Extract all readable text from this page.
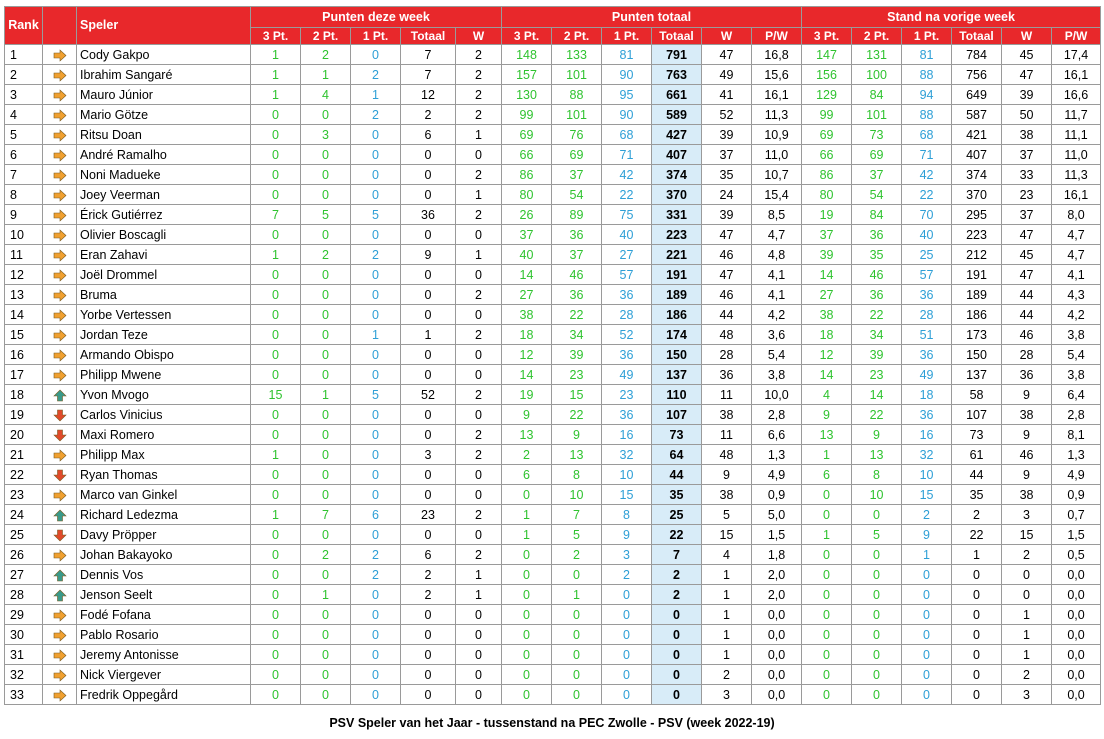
Rank		Speler	Punten deze week					Punten totaal						Stand na vorige week					
			3 Pt.	2 Pt.	1 Pt.	Totaal	W	3 Pt.	2 Pt.	1 Pt.	Totaal	W	P/W	3 Pt.	2 Pt.	1 Pt.	Totaal	W	P/W
1		Cody Gakpo	1	2	0	7	2	148	133	81	791	47	16,8	147	131	81	784	45	17,4
2		Ibrahim Sangaré	1	1	2	7	2	157	101	90	763	49	15,6	156	100	88	756	47	16,1
3		Mauro Júnior	1	4	1	12	2	130	88	95	661	41	16,1	129	84	94	649	39	16,6
4		Mario Götze	0	0	2	2	2	99	101	90	589	52	11,3	99	101	88	587	50	11,7
5		Ritsu Doan	0	3	0	6	1	69	76	68	427	39	10,9	69	73	68	421	38	11,1
6		André Ramalho	0	0	0	0	0	66	69	71	407	37	11,0	66	69	71	407	37	11,0
7		Noni Madueke	0	0	0	0	2	86	37	42	374	35	10,7	86	37	42	374	33	11,3
8		Joey Veerman	0	0	0	0	1	80	54	22	370	24	15,4	80	54	22	370	23	16,1
9		Érick Gutiérrez	7	5	5	36	2	26	89	75	331	39	8,5	19	84	70	295	37	8,0
10		Olivier Boscagli	0	0	0	0	0	37	36	40	223	47	4,7	37	36	40	223	47	4,7
11		Eran Zahavi	1	2	2	9	1	40	37	27	221	46	4,8	39	35	25	212	45	4,7
12		Joël Drommel	0	0	0	0	0	14	46	57	191	47	4,1	14	46	57	191	47	4,1
13		Bruma	0	0	0	0	2	27	36	36	189	46	4,1	27	36	36	189	44	4,3
14		Yorbe Vertessen	0	0	0	0	0	38	22	28	186	44	4,2	38	22	28	186	44	4,2
15		Jordan Teze	0	0	1	1	2	18	34	52	174	48	3,6	18	34	51	173	46	3,8
16		Armando Obispo	0	0	0	0	0	12	39	36	150	28	5,4	12	39	36	150	28	5,4
17		Philipp Mwene	0	0	0	0	0	14	23	49	137	36	3,8	14	23	49	137	36	3,8
18		Yvon Mvogo	15	1	5	52	2	19	15	23	110	11	10,0	4	14	18	58	9	6,4
19		Carlos Vinicius	0	0	0	0	0	9	22	36	107	38	2,8	9	22	36	107	38	2,8
20		Maxi Romero	0	0	0	0	2	13	9	16	73	11	6,6	13	9	16	73	9	8,1
21		Philipp Max	1	0	0	3	2	2	13	32	64	48	1,3	1	13	32	61	46	1,3
22		Ryan Thomas	0	0	0	0	0	6	8	10	44	9	4,9	6	8	10	44	9	4,9
23		Marco van Ginkel	0	0	0	0	0	0	10	15	35	38	0,9	0	10	15	35	38	0,9
24		Richard Ledezma	1	7	6	23	2	1	7	8	25	5	5,0	0	0	2	2	3	0,7
25		Davy Pröpper	0	0	0	0	0	1	5	9	22	15	1,5	1	5	9	22	15	1,5
26		Johan Bakayoko	0	2	2	6	2	0	2	3	7	4	1,8	0	0	1	1	2	0,5
27		Dennis Vos	0	0	2	2	1	0	0	2	2	1	2,0	0	0	0	0	0	0,0
28		Jenson Seelt	0	1	0	2	1	0	1	0	2	1	2,0	0	0	0	0	0	0,0
29		Fodé Fofana	0	0	0	0	0	0	0	0	0	1	0,0	0	0	0	0	1	0,0
30		Pablo Rosario	0	0	0	0	0	0	0	0	0	1	0,0	0	0	0	0	1	0,0
31		Jeremy Antonisse	0	0	0	0	0	0	0	0	0	1	0,0	0	0	0	0	1	0,0
32		Nick Viergever	0	0	0	0	0	0	0	0	0	2	0,0	0	0	0	0	2	0,0
33		Fredrik Oppegård	0	0	0	0	0	0	0	0	0	3	0,0	0	0	0	0	3	0,0
PSV Speler van het Jaar - tussenstand na PEC Zwolle - PSV (week 2022-19)
